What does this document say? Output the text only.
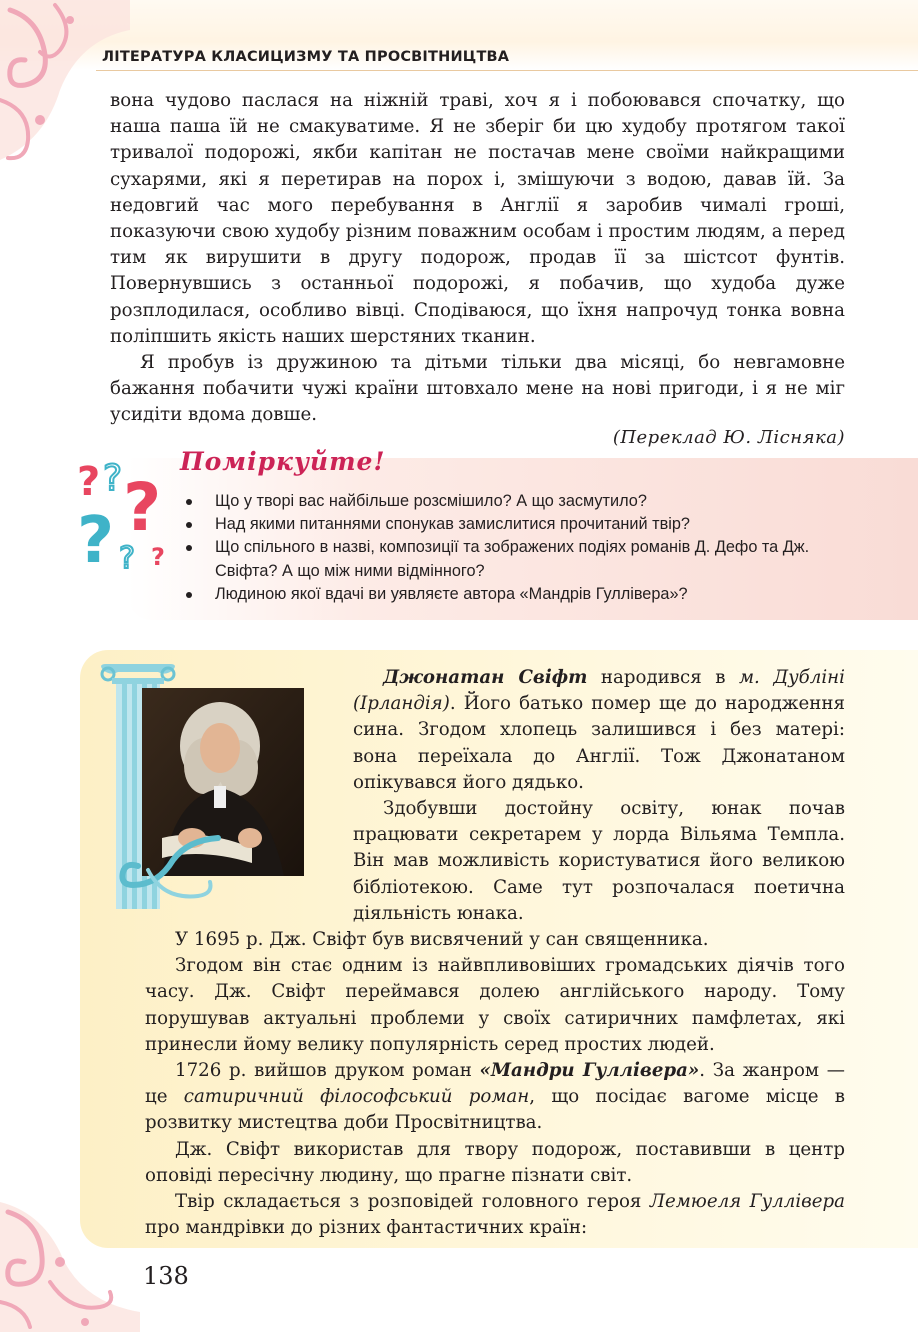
ЛІТЕРАТУРА КЛАСИЦИЗМУ ТА ПРОСВІТНИЦТВА

вона чудово паслася на ніжній траві, хоч я і побоювався спочатку, що наша паша їй не смакуватиме. Я не зберіг би цю худобу протягом такої тривалої подорожі, якби капітан не постачав мене своїми найкращими сухарями, які я перетирав на порох і, змішуючи з водою, давав їй. За недовгий час мого перебування в Англії я заробив чималі гроші, показуючи свою худобу різним поважним особам і простим людям, а перед тим як вирушити в другу подорож, продав її за шістсот фунтів. Повернувшись з останньої подорожі, я побачив, що худоба дуже розплодилася, особливо вівці. Сподіваюся, що їхня напрочуд тонка вовна поліпшить якість наших шерстяних тканин.

Я пробув із дружиною та дітьми тільки два місяці, бо невгамовне бажання побачити чужі країни штовхало мене на нові пригоди, і я не міг усидіти вдома довше.

(Переклад Ю. Лісняка)
? ? ?
? ? ?
Поміркуйте!
Що у творі вас найбільше розсмішило? А що засмутило?
Над якими питаннями спонукав замислитися прочитаний твір?
Що спільного в назві, композиції та зображених подіях романів Д. Дефо та Дж. Свіфта? А що між ними відмінного?
Людиною якої вдачі ви уявляєте автора «Мандрів Гуллівера»?

Джонатан Свіфт народився в м. Дубліні (Ірландія). Його батько помер ще до народження сина. Згодом хлопець залишився і без матері: вона переїхала до Англії. Тож Джонатаном опікувався його дядько.

Здобувши достойну освіту, юнак почав працювати секретарем у лорда Вільяма Темпла. Він мав можливість користуватися його великою бібліотекою. Саме тут розпочалася поетична діяльність юнака.

У 1695 р. Дж. Свіфт був висвячений у сан священника.

Згодом він стає одним із найвпливовіших громадських діячів того часу. Дж. Свіфт переймався долею англійського народу. Тому порушував актуальні проблеми у своїх сатиричних памфлетах, які принесли йому велику популярність серед простих людей.

1726 р. вийшов друком роман «Мандри Гуллівера». За жанром — це сатиричний філософський роман, що посідає вагоме місце в розвитку мистецтва доби Просвітництва.

Дж. Свіфт використав для твору подорож, поставивши в центр оповіді пересічну людину, що прагне пізнати світ.

Твір складається з розповідей головного героя Лемюеля Гуллівера про мандрівки до різних фантастичних країн:

138
